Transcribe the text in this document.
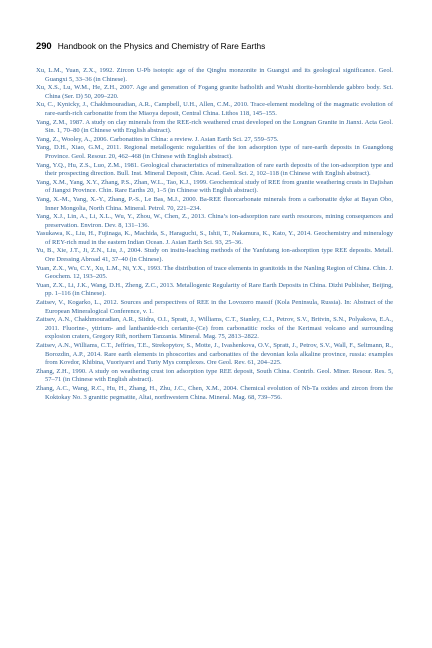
290 Handbook on the Physics and Chemistry of Rare Earths

Xu, L.M., Yuan, Z.X., 1992. Zircon U-Pb isotopic age of the Qinghu monzonite in Guangxi and its geological significance. Geol. Guangxi 5, 33–36 (in Chinese).

Xu, X.S., Lu, W.M., He, Z.H., 2007. Age and generation of Fogang granite batholith and Wushi diorite-hornblende gabbro body. Sci. China (Ser. D) 50, 209–220.

Xu, C., Kynicky, J., Chakhmouradian, A.R., Campbell, U.H., Allen, C.M., 2010. Trace-element modeling of the magmatic evolution of rare-earth-rich carbonatite from the Miaoya deposit, Central China. Lithos 118, 145–155.

Yang, Z.M., 1987. A study on clay minerals from the REE-rich weathered crust developed on the Longnan Granite in Jianxi. Acta Geol. Sin. 1, 70–80 (in Chinese with English abstract).

Yang, Z., Wooley, A., 2006. Carbonatites in China: a review. J. Asian Earth Sci. 27, 559–575.

Yang, D.H., Xiao, G.M., 2011. Regional metallogenic regularities of the ion adsorption type of rare-earth deposits in Guangdong Province. Geol. Resour. 20, 462–468 (in Chinese with English abstract).

Yang, Y.Q., Hu, Z.S., Luo, Z.M., 1981. Geological characteristics of mineralization of rare earth deposits of the ion-adsorption type and their prospecting direction. Bull. Inst. Mineral Deposit, Chin. Acad. Geol. Sci. 2, 102–118 (in Chinese with English abstract).

Yang, X.M., Yang, X.Y., Zhang, P.S., Zhan, W.L., Tao, K.J., 1999. Geochemical study of REE from granite weathering crusts in Dajishan of Jiangxi Province. Chin. Rare Earths 20, 1–5 (in Chinese with English abstract).

Yang, X.-M., Yang, X.-Y., Zhang, P.-S., Le Bas, M.J., 2000. Ba-REE fluorcarbonate minerals from a carbonatite dyke at Bayan Obo, Inner Mongolia, North China. Mineral. Petrol. 70, 221–234.

Yang, X.J., Lin, A., Li, X.L., Wu, Y., Zhou, W., Chen, Z., 2013. China’s ion-adsorption rare earth resources, mining consequences and preservation. Environ. Dev. 8, 131–136.

Yasukawa, K., Liu, H., Fujinaga, K., Machida, S., Haraguchi, S., Ishii, T., Nakamura, K., Kato, Y., 2014. Geochemistry and mineralogy of REY-rich mud in the eastern Indian Ocean. J. Asian Earth Sci. 93, 25–36.

Yu, B., Xie, J.T., Ji, Z.N., Liu, J., 2004. Study on insitu-leaching methods of the Yanfutang ion-adsorption type REE deposits. Metall. Ore Dressing Abroad 41, 37–40 (in Chinese).

Yuan, Z.X., Wu, C.Y., Xu, L.M., Ni, Y.X., 1993. The distribution of trace elements in granitoids in the Nanling Region of China. Chin. J. Geochem. 12, 193–205.

Yuan, Z.X., Li, J.K., Wang, D.H., Zheng, Z.C., 2013. Metallogenic Regularity of Rare Earth Deposits in China. Dizhi Publisher, Beijing, pp. 1–116 (in Chinese).

Zaitsev, V., Kogarko, L., 2012. Sources and perspectives of REE in the Lovozero massif (Kola Peninsula, Russia). In: Abstract of the European Mineralogical Conference, v. 1.

Zaitsev, A.N., Chakhmouradian, A.R., Siidra, O.I., Spratt, J., Williams, C.T., Stanley, C.J., Petrov, S.V., Britvin, S.N., Polyakova, E.A., 2011. Fluorine-, yttrium- and lanthanide-rich cerianite-(Ce) from carbonatitic rocks of the Kerimasi volcano and surrounding explosion craters, Gregory Rift, northern Tanzania. Mineral. Mag. 75, 2813–2822.

Zaitsev, A.N., Williams, C.T., Jeffries, T.E., Strekopytov, S., Motte, J., Ivashenkova, O.V., Spratt, J., Petrov, S.V., Wall, F., Seltmann, R., Borozdin, A.P., 2014. Rare earth elements in phoscorites and carbonatites of the devonian kola alkaline province, russia: examples from Kovdor, Khibina, Vuoriyarvi and Turiy Mys complexes. Ore Geol. Rev. 61, 204–225.

Zhang, Z.H., 1990. A study on weathering crust ion adsorption type REE deposit, South China. Contrib. Geol. Miner. Resour. Res. 5, 57–71 (in Chinese with English abstract).

Zhang, A.C., Wang, R.C., Hu, H., Zhang, H., Zhu, J.C., Chen, X.M., 2004. Chemical evolution of Nb-Ta oxides and zircon from the Koktokay No. 3 granitic pegmatite, Altai, northwestern China. Mineral. Mag. 68, 739–756.
